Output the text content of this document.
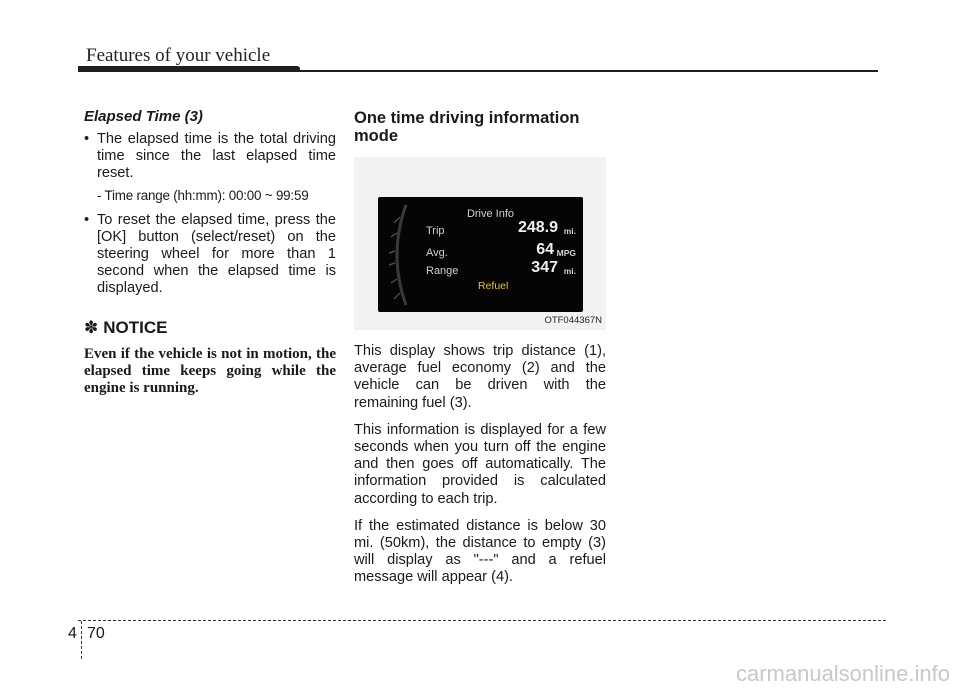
Features of your vehicle
Elapsed Time (3)
• The elapsed time is the total driving time since the last elapsed time reset.
- Time range (hh:mm): 00:00 ~ 99:59
• To reset the elapsed time, press the [OK] button (select/reset) on the steering wheel for more than 1 second when the elapsed time is displayed.
✽ NOTICE
Even if the vehicle is not in motion, the elapsed time keeps going while the engine is running.
One time driving information mode
Drive Info
Trip	248.9 mi.
Avg.	64 MPG
Range	347 mi.
Refuel
OTF044367N

This display shows trip distance (1), average fuel economy (2) and the vehicle can be driven with the remaining fuel (3).

This information is displayed for a few seconds when you turn off the engine and then goes off automatically. The information provided is calculated according to each trip.

If the estimated distance is below 30 mi. (50km), the distance to empty (3) will display as "---" and a refuel message will appear (4).

4 70
carmanualsonline.info
